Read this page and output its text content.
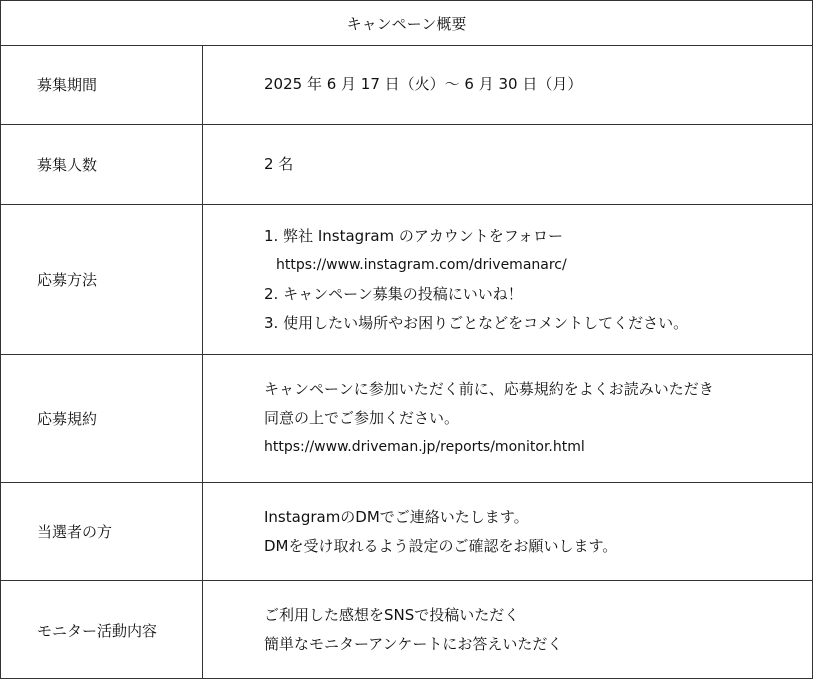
キャンペーン概要
募集期間	2025 年 6 月 17 日（火）～ 6 月 30 日（月）
募集人数	2 名
応募方法
1. 弊社 Instagram のアカウントをフォロー
https://www.instagram.com/drivemanarc/
2. キャンペーン募集の投稿にいいね！
3. 使用したい場所やお困りごとなどをコメントしてください。
応募規約
キャンペーンに参加いただく前に、応募規約をよくお読みいただき
同意の上でご参加ください。
https://www.driveman.jp/reports/monitor.html
当選者の方
InstagramのDMでご連絡いたします。
DMを受け取れるよう設定のご確認をお願いします。
モニター活動内容
ご利用した感想をSNSで投稿いただく
簡単なモニターアンケートにお答えいただく
